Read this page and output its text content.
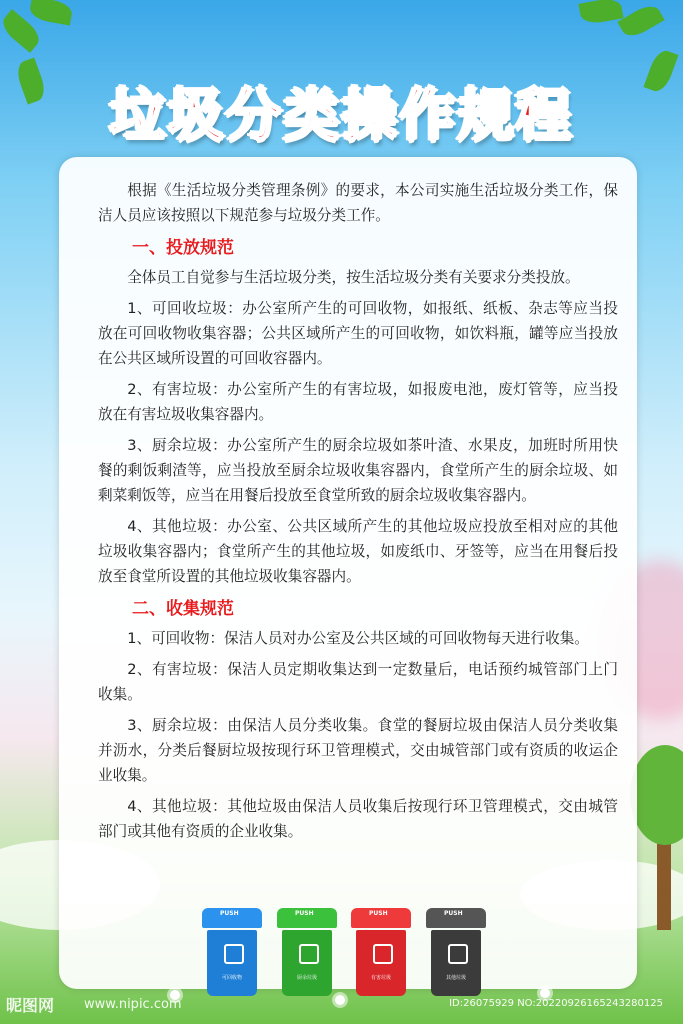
垃圾分类操作规程

根据《生活垃圾分类管理条例》的要求，本公司实施生活垃圾分类工作，保洁人员应该按照以下规范参与垃圾分类工作。

一、投放规范

全体员工自觉参与生活垃圾分类，按生活垃圾分类有关要求分类投放。

1、可回收垃圾：办公室所产生的可回收物，如报纸、纸板、杂志等应当投放在可回收物收集容器；公共区域所产生的可回收物，如饮料瓶，罐等应当投放在公共区域所设置的可回收容器内。

2、有害垃圾：办公室所产生的有害垃圾，如报废电池，废灯管等，应当投放在有害垃圾收集容器内。

3、厨余垃圾：办公室所产生的厨余垃圾如茶叶渣、水果皮，加班时所用快餐的剩饭剩渣等，应当投放至厨余垃圾收集容器内，食堂所产生的厨余垃圾、如剩菜剩饭等，应当在用餐后投放至食堂所致的厨余垃圾收集容器内。

4、其他垃圾：办公室、公共区域所产生的其他垃圾应投放至相对应的其他垃圾收集容器内；食堂所产生的其他垃圾，如废纸巾、牙签等，应当在用餐后投放至食堂所设置的其他垃圾收集容器内。

二、收集规范

1、可回收物：保洁人员对办公室及公共区域的可回收物每天进行收集。

2、有害垃圾：保洁人员定期收集达到一定数量后，电话预约城管部门上门收集。

3、厨余垃圾：由保洁人员分类收集。食堂的餐厨垃圾由保洁人员分类收集并沥水，分类后餐厨垃圾按现行环卫管理模式，交由城管部门或有资质的收运企业收集。

4、其他垃圾：其他垃圾由保洁人员收集后按现行环卫管理模式，交由城管部门或其他有资质的企业收集。

PUSH
可回收物
PUSH
厨余垃圾
PUSH
有害垃圾
PUSH
其他垃圾
昵图网 www.nipic.com	ID:26075929 NO:20220926165243280125
